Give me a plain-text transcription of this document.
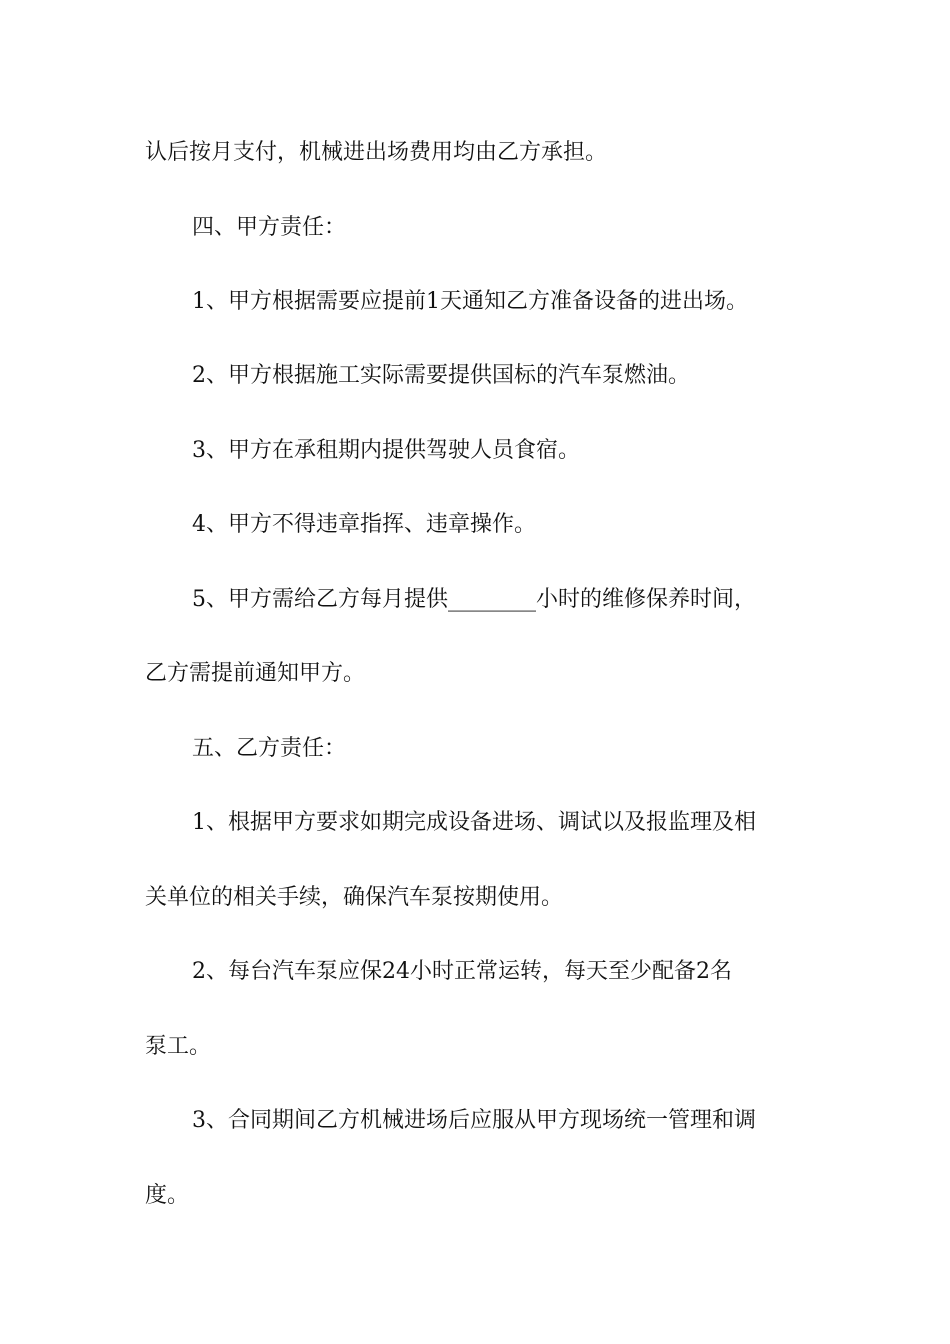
认后按月支付，机械进出场费用均由乙方承担。

四、甲方责任：

1、甲方根据需要应提前1天通知乙方准备设备的进出场。

2、甲方根据施工实际需要提供国标的汽车泵燃油。

3、甲方在承租期内提供驾驶人员食宿。

4、甲方不得违章指挥、违章操作。

5、甲方需给乙方每月提供________小时的维修保养时间，

乙方需提前通知甲方。

五、乙方责任：

1、根据甲方要求如期完成设备进场、调试以及报监理及相

关单位的相关手续，确保汽车泵按期使用。

2、每台汽车泵应保24小时正常运转，每天至少配备2名

泵工。

3、合同期间乙方机械进场后应服从甲方现场统一管理和调

度。
